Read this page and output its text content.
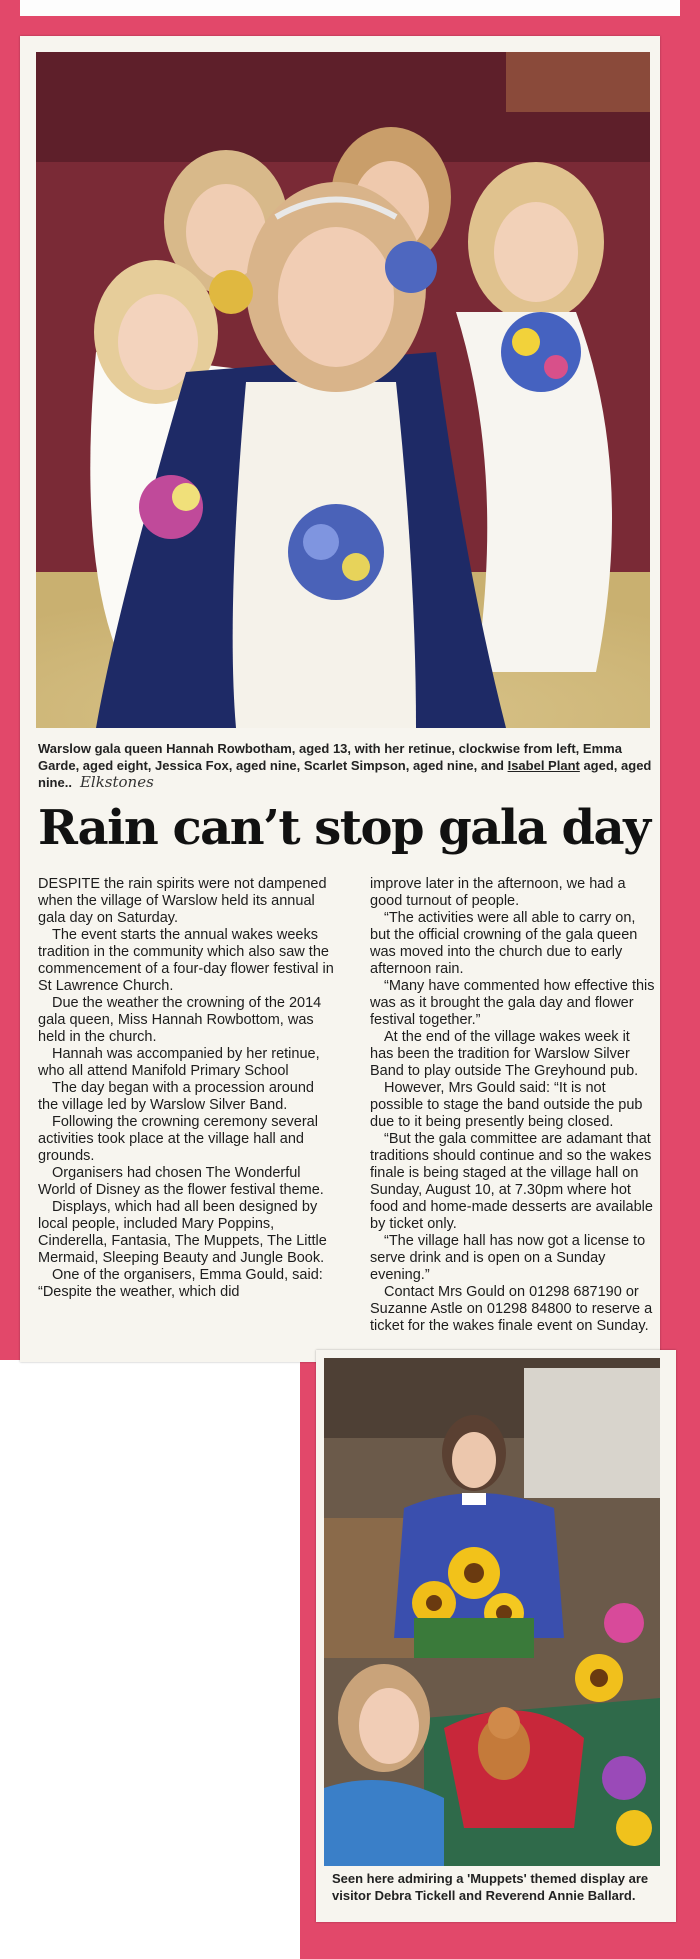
Warslow gala queen Hannah Rowbotham, aged 13, with her retinue, clockwise from left, Emma Garde, aged eight, Jessica Fox, aged nine, Scarlet Simpson, aged nine, and Isabel Plant aged, aged nine.. Elkstones
Rain can’t stop gala day

DESPITE the rain spirits were not dampened when the village of Warslow held its annual gala day on Saturday.

The event starts the annual wakes weeks tradition in the community which also saw the commencement of a four-day flower festival in St Lawrence Church.

Due the weather the crowning of the 2014 gala queen, Miss Hannah Rowbottom, was held in the church.

Hannah was accompanied by her retinue, who all attend Manifold Primary School

The day began with a procession around the village led by Warslow Silver Band.

Following the crowning ceremony several activities took place at the village hall and grounds.

Organisers had chosen The Wonderful World of Disney as the flower festival theme.

Displays, which had all been designed by local people, included Mary Poppins, Cinderella, Fantasia, The Muppets, The Little Mermaid, Sleeping Beauty and Jungle Book.

One of the organisers, Emma Gould, said: “Despite the weather, which did

improve later in the afternoon, we had a good turnout of people.

“The activities were all able to carry on, but the official crowning of the gala queen was moved into the church due to early afternoon rain.

“Many have commented how effective this was as it brought the gala day and flower festival together.”

At the end of the village wakes week it has been the tradition for Warslow Silver Band to play outside The Greyhound pub.

However, Mrs Gould said: “It is not possible to stage the band outside the pub due to it being presently being closed.

“But the gala committee are adamant that traditions should continue and so the wakes finale is being staged at the village hall on Sunday, August 10, at 7.30pm where hot food and home-made desserts are available by ticket only.

“The village hall has now got a license to serve drink and is open on a Sunday evening.”

Contact Mrs Gould on 01298 687190 or Suzanne Astle on 01298 84800 to reserve a ticket for the wakes finale event on Sunday.

Seen here admiring a 'Muppets' themed display are visitor Debra Tickell and Reverend Annie Ballard.
